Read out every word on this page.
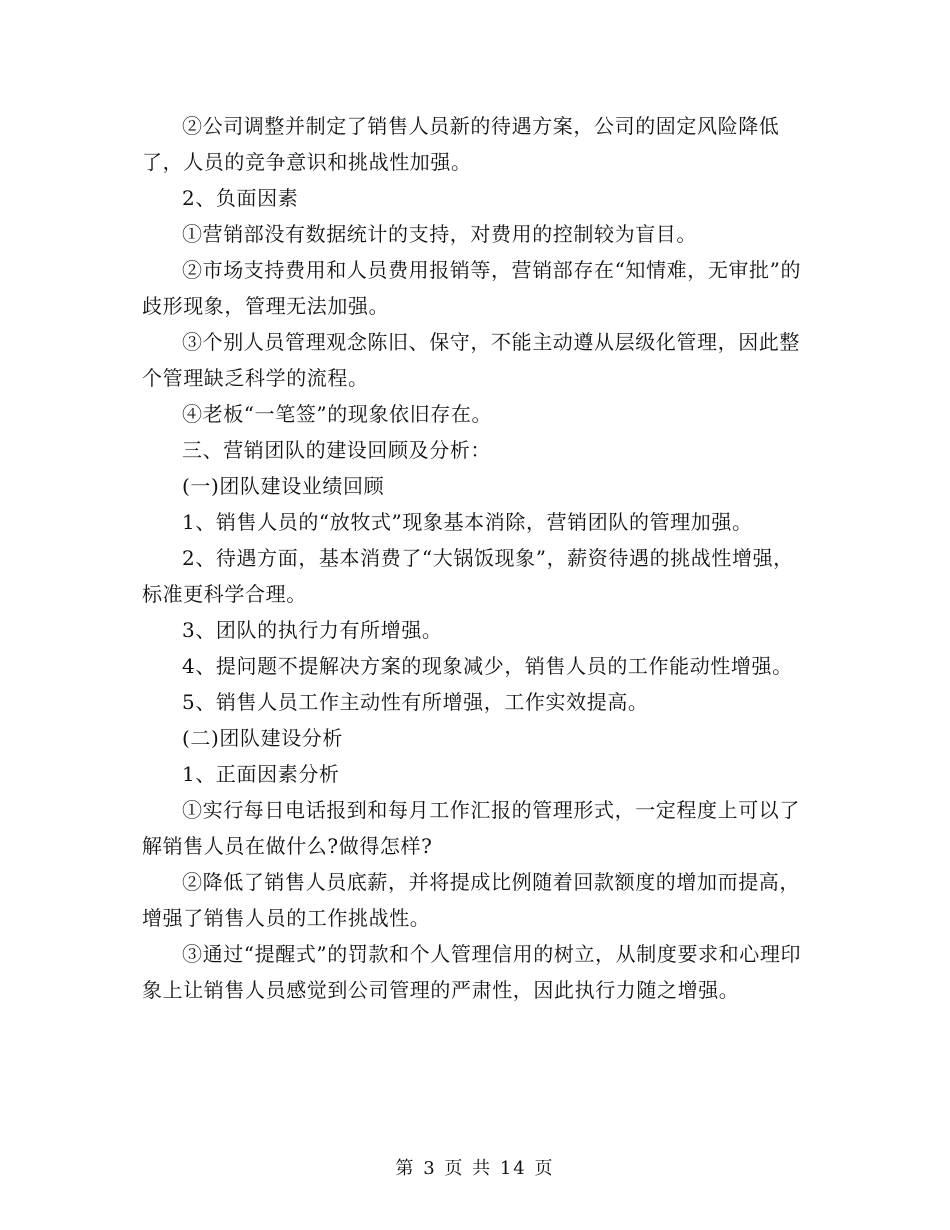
②公司调整并制定了销售人员新的待遇方案，公司的固定风险降低了，人员的竞争意识和挑战性加强。

2、负面因素

①营销部没有数据统计的支持，对费用的控制较为盲目。

②市场支持费用和人员费用报销等，营销部存在“知情难，无审批”的歧形现象，管理无法加强。

③个别人员管理观念陈旧、保守，不能主动遵从层级化管理，因此整个管理缺乏科学的流程。

④老板“一笔签”的现象依旧存在。

三、营销团队的建设回顾及分析：

(一)团队建设业绩回顾

1、销售人员的“放牧式”现象基本消除，营销团队的管理加强。

2、待遇方面，基本消费了“大锅饭现象”，薪资待遇的挑战性增强，标准更科学合理。

3、团队的执行力有所增强。

4、提问题不提解决方案的现象减少，销售人员的工作能动性增强。

5、销售人员工作主动性有所增强，工作实效提高。

(二)团队建设分析

1、正面因素分析

①实行每日电话报到和每月工作汇报的管理形式，一定程度上可以了解销售人员在做什么?做得怎样?

②降低了销售人员底薪，并将提成比例随着回款额度的增加而提高，增强了销售人员的工作挑战性。

③通过“提醒式”的罚款和个人管理信用的树立，从制度要求和心理印象上让销售人员感觉到公司管理的严肃性，因此执行力随之增强。

第 3 页 共 14 页
